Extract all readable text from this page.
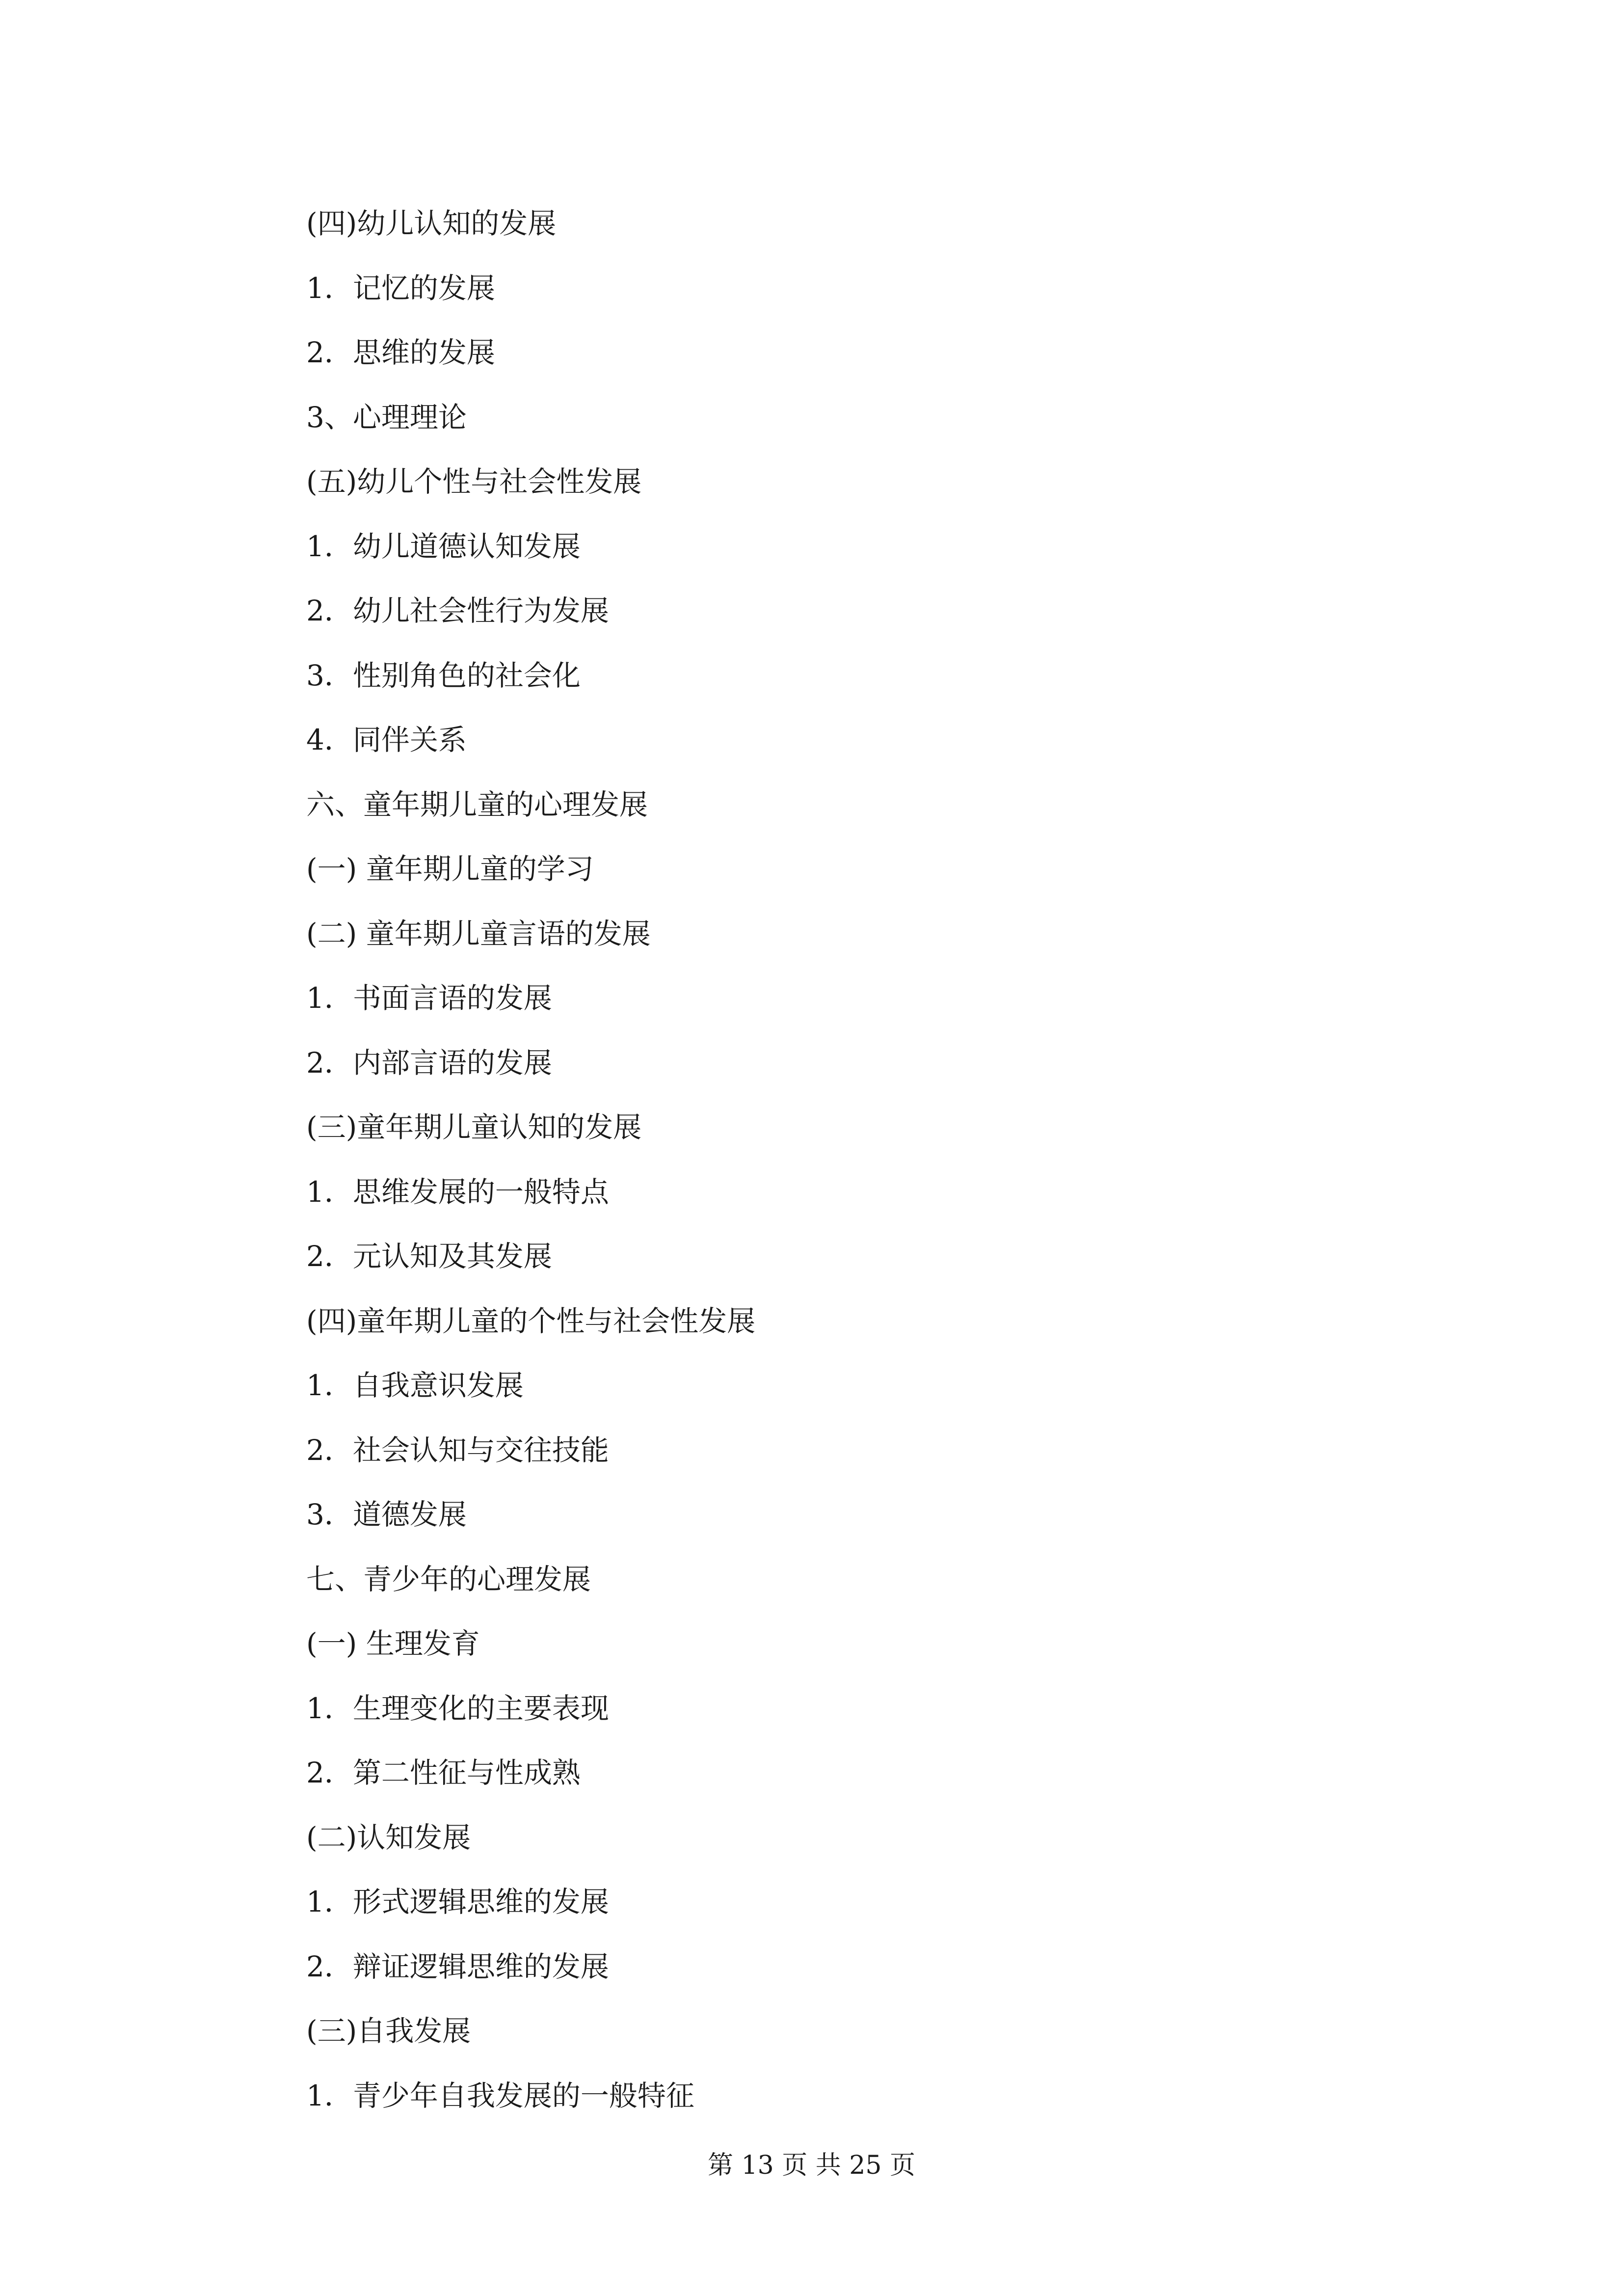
(四)幼儿认知的发展
1．记忆的发展
2．思维的发展
3、心理理论
(五)幼儿个性与社会性发展
1．幼儿道德认知发展
2．幼儿社会性行为发展
3．性别角色的社会化
4．同伴关系
六、童年期儿童的心理发展
(一) 童年期儿童的学习
(二) 童年期儿童言语的发展
1．书面言语的发展
2．内部言语的发展
(三)童年期儿童认知的发展
1．思维发展的一般特点
2．元认知及其发展
(四)童年期儿童的个性与社会性发展
1．自我意识发展
2．社会认知与交往技能
3．道德发展
七、青少年的心理发展
(一) 生理发育
1．生理变化的主要表现
2．第二性征与性成熟
(二)认知发展
1．形式逻辑思维的发展
2．辩证逻辑思维的发展
(三)自我发展
1．青少年自我发展的一般特征
第 13 页 共 25 页
